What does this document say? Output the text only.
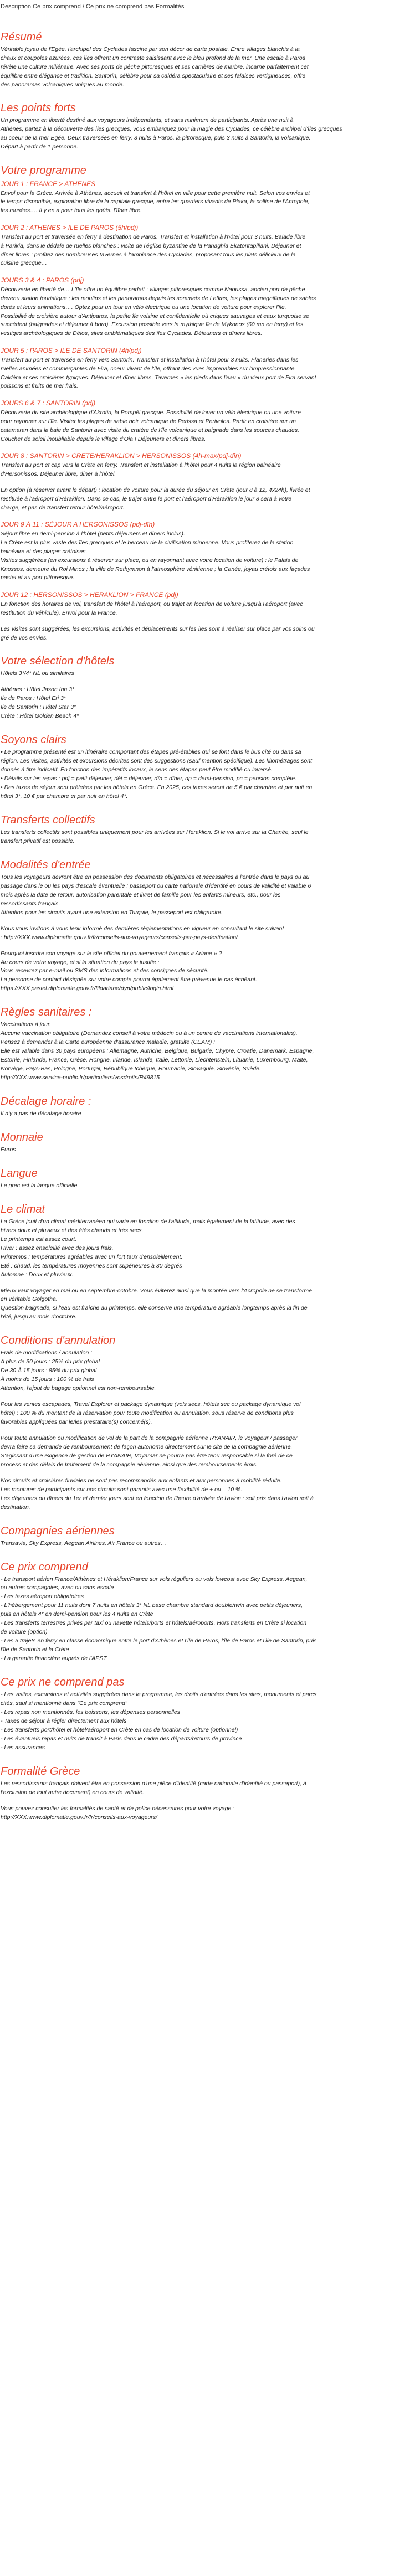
Description Ce prix comprend / Ce prix ne comprend pas Formalités
Résumé

Véritable joyau de l'Egée, l'archipel des Cyclades fascine par son décor de carte postale. Entre villages blanchis à la
chaux et coupoles azurées, ces îles offrent un contraste saisissant avec le bleu profond de la mer. Une escale à Paros
révèle une culture millénaire. Avec ses ports de pêche pittoresques et ses carrières de marbre, incarne parfaitement cet
équilibre entre élégance et tradition. Santorin, célèbre pour sa caldéra spectaculaire et ses falaises vertigineuses, offre
des panoramas volcaniques uniques au monde.

Les points forts

Un programme en liberté destiné aux voyageurs indépendants, et sans minimum de participants. Après une nuit à
Athènes, partez à la découverte des îles grecques, vous embarquez pour la magie des Cyclades, ce célèbre archipel d'îles grecques
au coeur de la mer Egée. Deux traversées en ferry, 3 nuits à Paros, la pittoresque, puis 3 nuits à Santorin, la volcanique.
Départ à partir de 1 personne.

Votre programme
JOUR 1 : FRANCE > ATHENES

Envol pour la Grèce. Arrivée à Athènes, accueil et transfert à l'hôtel en ville pour cette première nuit. Selon vos envies et
le temps disponible, exploration libre de la capitale grecque, entre les quartiers vivants de Plaka, la colline de l'Acropole,
les musées…. Il y en a pour tous les goûts. Dîner libre.

JOUR 2 : ATHENES > ILE DE PAROS (5h/pdj)

Transfert au port et traversée en ferry à destination de Paros. Transfert et installation à l'hôtel pour 3 nuits. Balade libre
à Parikia, dans le dédale de ruelles blanches : visite de l'église byzantine de la Panaghia Ekatontapiliani. Déjeuner et
dîner libres : profitez des nombreuses tavernes à l'ambiance des Cyclades, proposant tous les plats délicieux de la
cuisine grecque…

JOURS 3 & 4 : PAROS (pdj)

Découverte en liberté de… L'île offre un équilibre parfait : villages pittoresques comme Naoussa, ancien port de pêche
devenu station touristique ; les moulins et les panoramas depuis les sommets de Lefkes, les plages magnifiques de sables
dorés et leurs animations…. Optez pour un tour en vélo électrique ou une location de voiture pour explorer l'île.
Possibilité de croisière autour d'Antiparos, la petite île voisine et confidentielle où criques sauvages et eaux turquoise se
succèdent (baignades et déjeuner à bord). Excursion possible vers la mythique île de Mykonos (60 mn en ferry) et les
vestiges archéologiques de Délos, sites emblématiques des îles Cyclades. Déjeuners et dîners libres.

JOUR 5 : PAROS > ILE DE SANTORIN (4h/pdj)

Transfert au port et traversée en ferry vers Santorin. Transfert et installation à l'hôtel pour 3 nuits. Flaneries dans les
ruelles animées et commerçantes de Fira, coeur vivant de l'île, offrant des vues imprenables sur l'impressionnante
Caldéra et ses croisières typiques. Déjeuner et dîner libres. Tavernes « les pieds dans l'eau » du vieux port de Fira servant
poissons et fruits de mer frais.

JOURS 6 & 7 : SANTORIN (pdj)

Découverte du site archéologique d'Akrotiri, la Pompéi grecque. Possibilité de louer un vélo électrique ou une voiture
pour rayonner sur l'île. Visiter les plages de sable noir volcanique de Perissa et Perivolos. Partir en croisière sur un
catamaran dans la baie de Santorin avec visite du cratère de l'île volcanique et baignade dans les sources chaudes.
Coucher de soleil inoubliable depuis le village d'Oia ! Déjeuners et dîners libres.

JOUR 8 : SANTORIN > CRETE/HERAKLION > HERSONISSOS (4h-max/pdj-dîn)

Transfert au port et cap vers la Crète en ferry. Transfert et installation à l'hôtel pour 4 nuits la région balnéaire
d'Hersonissos. Déjeuner libre, dîner à l'hôtel.

En option (à réserver avant le départ) : location de voiture pour la durée du séjour en Crète (jour 8 à 12, 4x24h), livrée et
restituée à l'aéroport d'Héraklion. Dans ce cas, le trajet entre le port et l'aéroport d'Héraklion le jour 8 sera à votre
charge, et pas de transfert retour hôtel/aéroport.

JOUR 9 À 11 : SÉJOUR A HERSONISSOS (pdj-dîn)

Séjour libre en demi-pension à l'hôtel (petits déjeuners et dîners inclus).
La Crète est la plus vaste des îles grecques et le berceau de la civilisation minoenne. Vous profiterez de la station
balnéaire et des plages crétoises.
Visites suggérées (en excursions à réserver sur place, ou en rayonnant avec votre location de voiture) : le Palais de
Knossos, demeure du Roi Minos ; la ville de Rethymnon à l'atmosphère vénitienne ; la Canée, joyau crétois aux façades
pastel et au port pittoresque.

JOUR 12 : HERSONISSOS > HERAKLION > FRANCE (pdj)

En fonction des horaires de vol, transfert de l'hôtel à l'aéroport, ou trajet en location de voiture jusqu'à l'aéroport (avec
restitution du véhicule). Envol pour la France.

Les visites sont suggérées, les excursions, activités et déplacements sur les îles sont à réaliser sur place par vos soins ou
gré de vos envies.

Votre sélection d'hôtels

Hôtels 3*/4* NL ou similaires

Athènes : Hôtel Jason Inn 3*
Ile de Paros : Hôtel Eri 3*
Ile de Santorin : Hôtel Star 3*
Crète : Hôtel Golden Beach 4*

Soyons clairs

• Le programme présenté est un itinéraire comportant des étapes pré-établies qui se font dans le bus cité ou dans sa
région. Les visites, activités et excursions décrites sont des suggestions (sauf mention spécifique). Les kilométrages sont
donnés à titre indicatif. En fonction des impératifs locaux, le sens des étapes peut être modifié ou inversé.
• Détails sur les repas : pdj = petit déjeuner, déj = déjeuner, dîn = dîner, dp = demi-pension, pc = pension complète.
• Des taxes de séjour sont préleées par les hôtels en Grèce. En 2025, ces taxes seront de 5 € par chambre et par nuit en
hôtel 3*, 10 € par chambre et par nuit en hôtel 4*.

Transferts collectifs

Les transferts collectifs sont possibles uniquement pour les arrivées sur Heraklion. Si le vol arrive sur la Chanée, seul le
transfert privatif est possible.

Modalités d'entrée

Tous les voyageurs devront être en possession des documents obligatoires et nécessaires à l'entrée dans le pays ou au
passage dans le ou les pays d'escale éventuelle : passeport ou carte nationale d'identité en cours de validité et valable 6
mois après la date de retour, autorisation parentale et livret de famille pour les enfants mineurs, etc., pour les
ressortissants français.
Attention pour les circuits ayant une extension en Turquie, le passeport est obligatoire.

Nous vous invitons à vous tenir informé des dernières réglementations en vigueur en consultant le site suivant
: http://XXX.www.diplomatie.gouv.fr/fr/conseils-aux-voyageurs/conseils-par-pays-destination/

Pourquoi inscrire son voyage sur le site officiel du gouvernement français « Ariane » ?
Au cours de votre voyage, et si la situation du pays le justifie :
Vous recevrez par e-mail ou SMS des informations et des consignes de sécurité.
La personne de contact désignée sur votre compte pourra également être prévenue le cas échéant.
https://XXX.pastel.diplomatie.gouv.fr/fildariane/dyn/public/login.html

Règles sanitaires :

Vaccinations à jour.
Aucune vaccination obligatoire (Demandez conseil à votre médecin ou à un centre de vaccinations internationales).
Pensez à demander à la Carte européenne d'assurance maladie, gratuite (CEAM) :
Elle est valable dans 30 pays européens : Allemagne, Autriche, Belgique, Bulgarie, Chypre, Croatie, Danemark, Espagne,
Estonie, Finlande, France, Grèce, Hongrie, Irlande, Islande, Italie, Lettonie, Liechtenstein, Lituanie, Luxembourg, Malte,
Norvège, Pays-Bas, Pologne, Portugal, République tchèque, Roumanie, Slovaquie, Slovénie, Suède.
http://XXX.www.service-public.fr/particuliers/vosdroits/R49815

Décalage horaire :

Il n'y a pas de décalage horaire

Monnaie

Euros

Langue

Le grec est la langue officielle.

Le climat

La Grèce jouit d'un climat méditerranéen qui varie en fonction de l'altitude, mais également de la latitude, avec des
hivers doux et pluvieux et des étés chauds et très secs.
Le printemps est assez court.
Hiver : assez ensoleillé avec des jours frais.
Printemps : températures agréables avec un fort taux d'ensoleillement.
Eté : chaud, les températures moyennes sont supérieures à 30 degrés
Automne : Doux et pluvieux.

Mieux vaut voyager en mai ou en septembre-octobre. Vous éviterez ainsi que la montée vers l'Acropole ne se transforme
en véritable Golgotha.
Question baignade, si l'eau est fraîche au printemps, elle conserve une température agréable longtemps après la fin de
l'été, jusqu'au mois d'octobre.

Conditions d'annulation

Frais de modifications / annulation :
A plus de 30 jours : 25% du prix global
De 30 À 15 jours : 85% du prix global
À moins de 15 jours : 100 % de frais
Attention, l'ajout de bagage optionnel est non-remboursable.

Pour les ventes escapades, Travel Explorer et package dynamique (vols secs, hôtels sec ou package dynamique vol +
hôtel) : 100 % du montant de la réservation pour toute modification ou annulation, sous réserve de conditions plus
favorables appliquées par le/les prestataire(s) concerné(s).

Pour toute annulation ou modification de vol de la part de la compagnie aérienne RYANAIR, le voyageur / passager
devra faire sa demande de remboursement de façon autonome directement sur le site de la compagnie aérienne.
S'agissant d'une exigence de gestion de RYANAIR, Voyamar ne pourra pas être tenu responsable si la foré de ce
process et des délais de traitement de la compagnie aérienne, ainsi que des remboursements émis.

Nos circuits et croisières fluviales ne sont pas recommandés aux enfants et aux personnes à mobilité réduite.
Les montures de participants sur nos circuits sont garantis avec une flexibilité de + ou – 10 %.
Les déjeuners ou dîners du 1er et dernier jours sont en fonction de l'heure d'arrivée de l'avion : soit pris dans l'avion soit à
destination.

Compagnies aériennes

Transavia, Sky Express, Aegean Airlines, Air France ou autres…

Ce prix comprend

- Le transport aérien France/Athènes et Héraklion/France sur vols réguliers ou vols lowcost avec Sky Express, Aegean,
ou autres compagnies, avec ou sans escale
- Les taxes aéroport obligatoires
- L'hébergement pour 11 nuits dont 7 nuits en hôtels 3* NL base chambre standard double/twin avec petits déjeuners,
puis en hôtels 4* en demi-pension pour les 4 nuits en Crète
- Les transferts terrestres privés par taxi ou navette hôtels/ports et hôtels/aéroports. Hors transferts en Crète si location
de voiture (option)
- Les 3 trajets en ferry en classe économique entre le port d'Athènes et l'île de Paros, l'île de Paros et l'île de Santorin, puis
l'île de Santorin et la Crète
- La garantie financière auprès de l'APST

Ce prix ne comprend pas

- Les visites, excursions et activités suggérées dans le programme, les droits d'entrées dans les sites, monuments et parcs
cités, sauf si mentionné dans "Ce prix comprend"
- Les repas non mentionnés, les boissons, les dépenses personnelles
- Taxes de séjour à régler directement aux hôtels
- Les transferts port/hôtel et hôtel/aéroport en Crète en cas de location de voiture (optionnel)
- Les éventuels repas et nuits de transit à Paris dans le cadre des départs/retours de province
- Les assurances

Formalité Grèce

Les ressortissants français doivent être en possession d'une pièce d'identité (carte nationale d'identité ou passeport), à
l'exclusion de tout autre document) en cours de validité.

Vous pouvez consulter les formalités de santé et de police nécessaires pour votre voyage :
http://XXX.www.diplomatie.gouv.fr/fr/conseils-aux-voyageurs/
